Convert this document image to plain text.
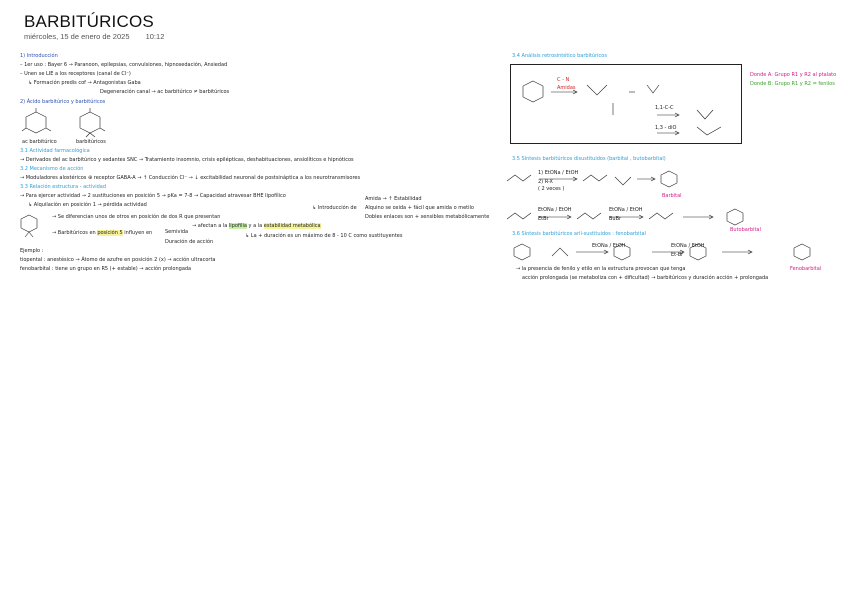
BARBITÚRICOS
miércoles, 15 de enero de 2025 10:12
1) Introducción
– 1er uso : Bayer 6 → Paranoon, epilepsias, convulsiones, hipnosedación, Ansiedad
– Unen se LIE a los receptores (canal de Cl⁻)
↳ Formación predis cof → Antagonistas Gaba
Degeneración canal → ac barbitúrico ≠ barbitúricos
2) Ácido barbitúrico y barbitúricos
ac barbitúrico	barbitúricos
3.1 Actividad farmacológica
→ Derivados del ac barbitúrico y sedantes SNC → Tratamiento insomnio, crisis epilépticas, deshabituaciones, ansiolíticos e hipnóticos
3.2 Mecanismo de acción
→ Moduladores alostéricos ⊕ receptor GABA-A → ↑ Conducción Cl⁻ → ↓ excitabilidad neuronal de postsináptica a los neurotransmisores
3.3 Relación estructura - actividad
→ Para ejercer actividad → 2 sustituciones en posición 5 → pKa = 7-8 → Capacidad atravesar BHE lipofílico
↳ Alquilación en posición 1 → pérdida actividad
Amida → ↑ Estabilidad
↳ Introducción de Alquino se oxida + fácil que amida o metilo
Dobles enlaces son + sensibles metabólicamente
→ Se diferencian unos de otros en posición de dos R que presentan
→ afectan a la lipofilia y a la estabilidad metabólica
↳ La + duración es un máximo de 8 - 10 C como sustituyentes
→ Barbitúricos en posición 5 influyen en	Semivida
Duración de acción
Ejemplo :
tiopental : anestésico → Átomo de azufre en posición 2 (x) → acción ultracorta
fenobarbital : tiene un grupo en R5 (+ estable) → acción prolongada
3.4 Análisis retrosintético barbitúricos
C - N
Amidas
1,1-C-C
1,3 - diO
Donde A: Grupo R1 y R2 al ptalato
Donde B: Grupo R1 y R2 = fenilos
3.5 Síntesis barbitúricos disustituidos (barbital , butobarbital)
1) EtONa / EtOH
2) R-X
( 2 veces )
Barbital
EtONa / EtOH
EtBr
EtONa / EtOH
BuBr
Butobarbital
3.6 Síntesis barbitúricos aril-sustituidos : fenobarbital
EtONa / EtOH	EtONa / EtOH
Et-Br
Fenobarbital
→ la presencia de fenilo y etilo en la estructura provocan que tenga
acción prolongada (se metaboliza con + dificultad) → barbitúricos y duración acción + prolongada
